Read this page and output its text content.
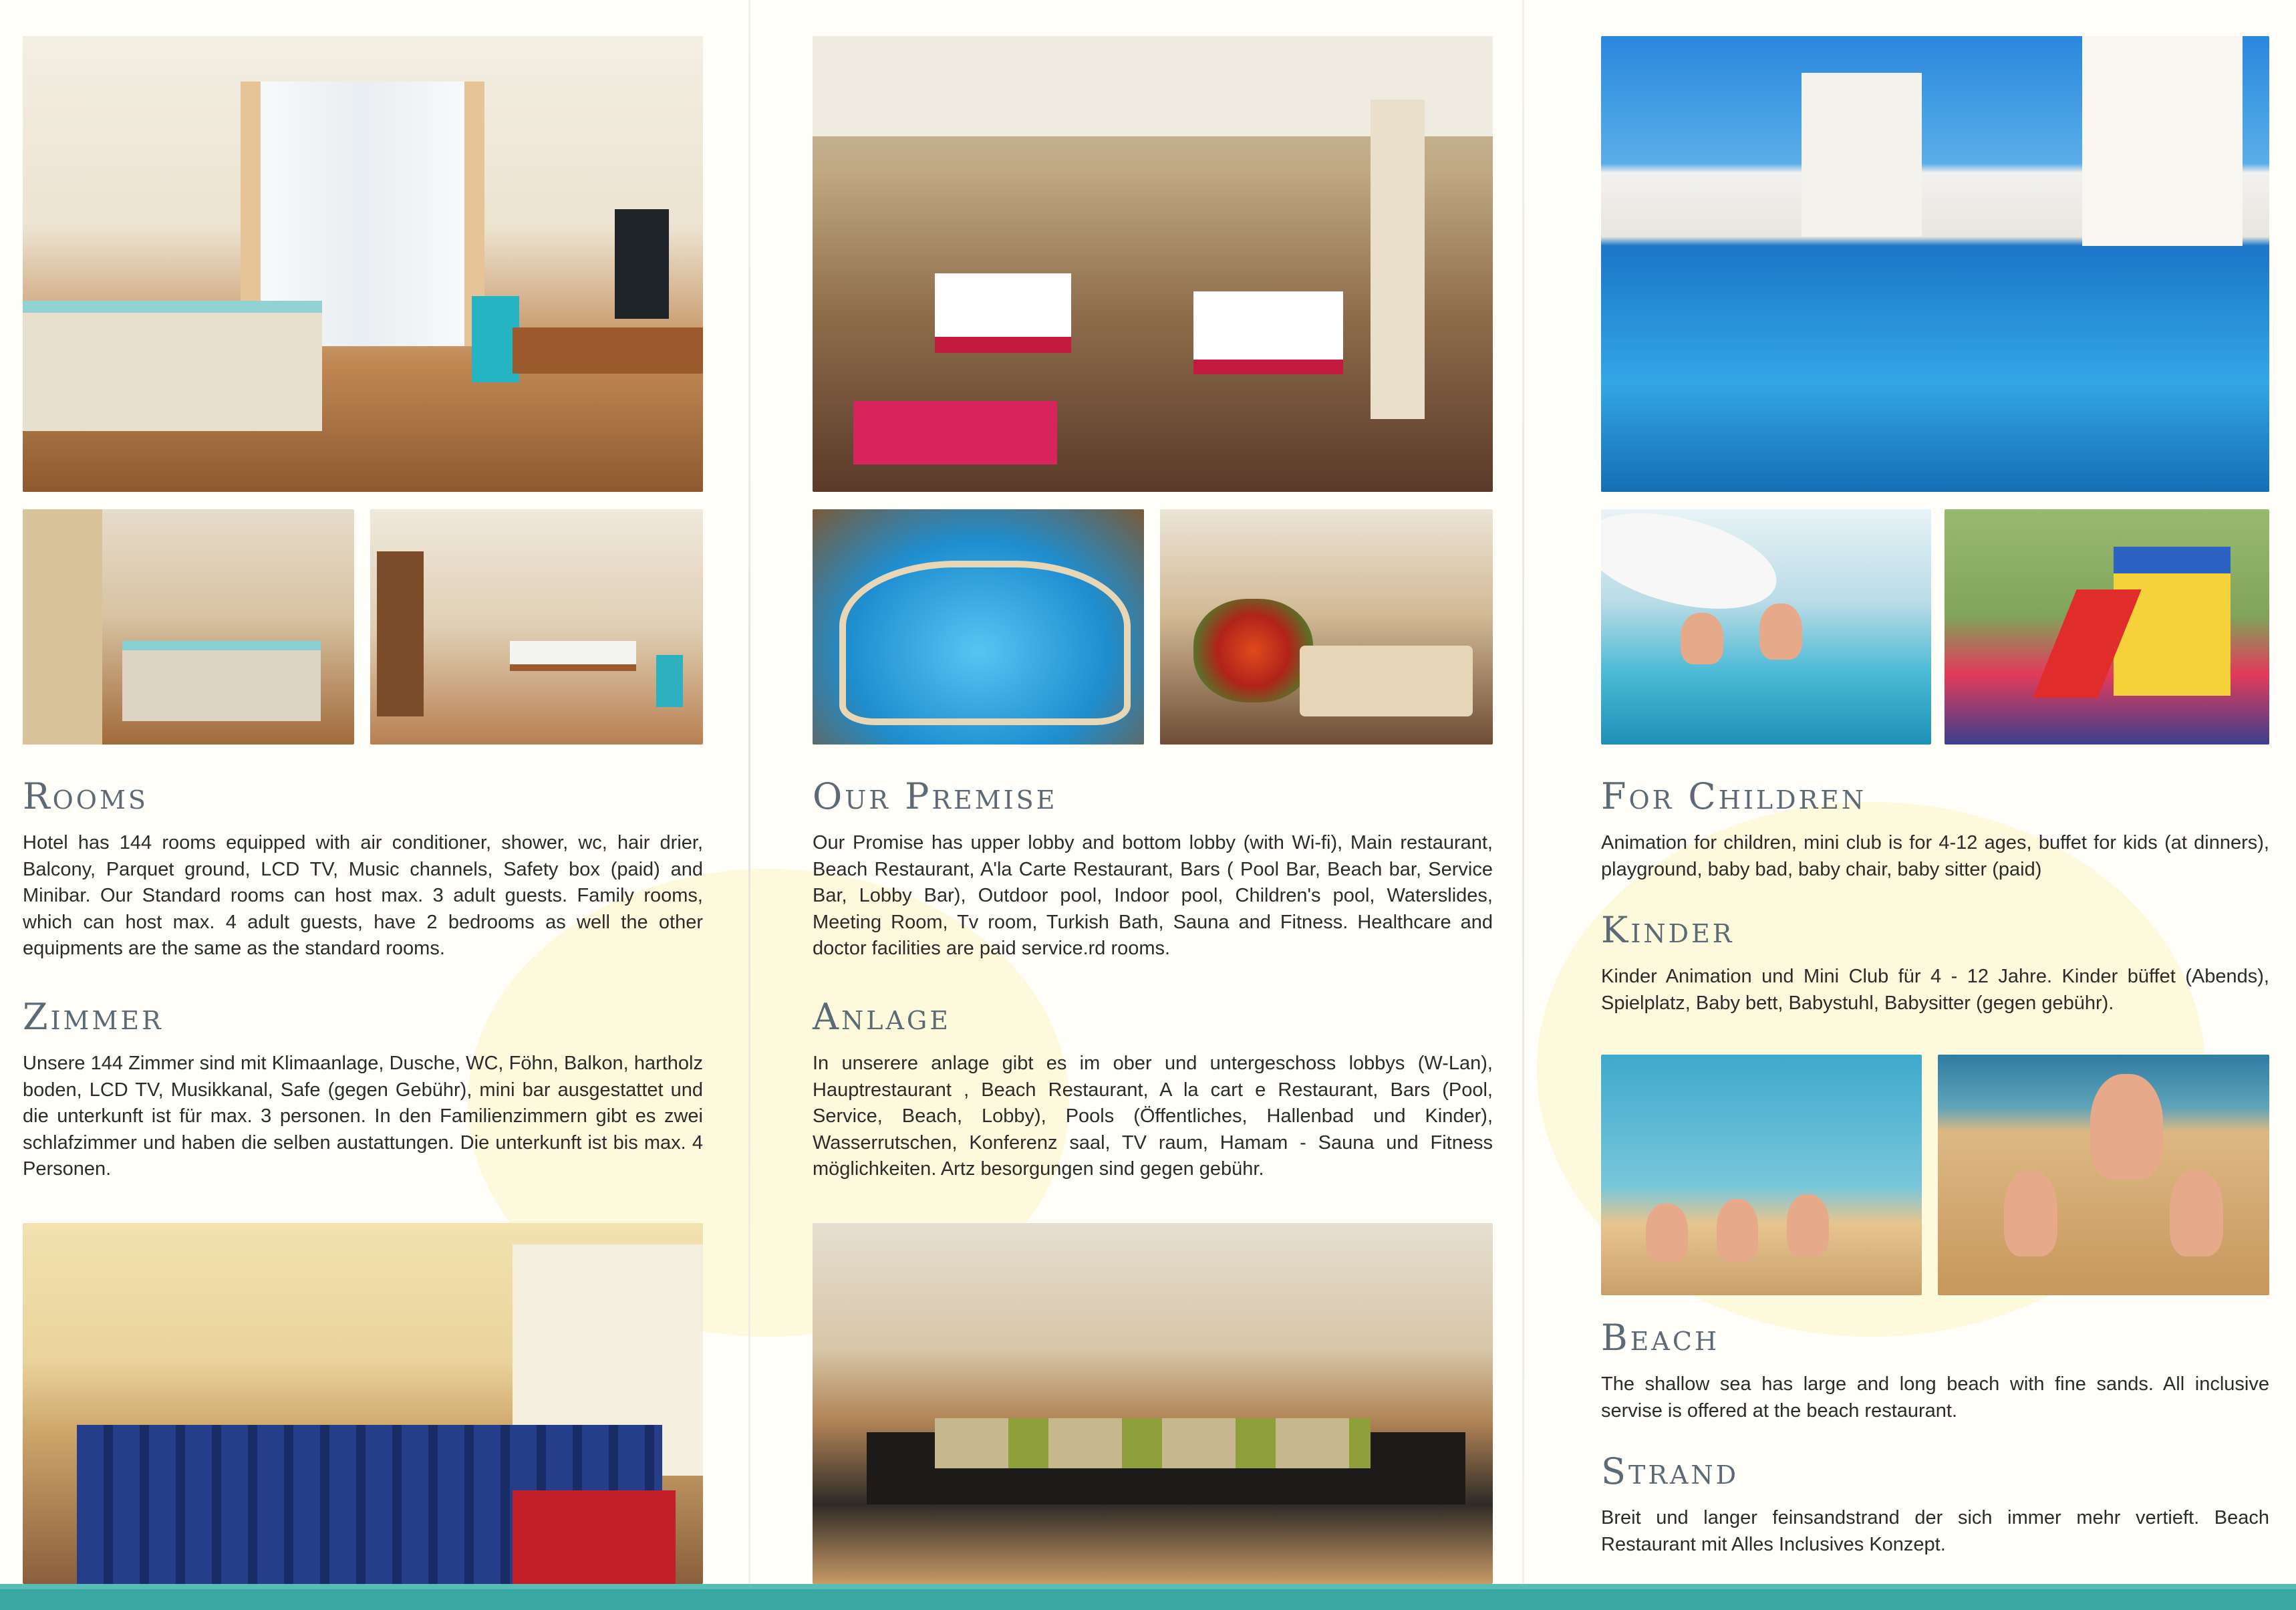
Rooms

Hotel has 144 rooms equipped with air conditioner, shower, wc, hair drier, Balcony, Parquet ground, LCD TV, Music channels, Safety box (paid) and Minibar. Our Standard rooms can host max. 3 adult guests. Family rooms, which can host max. 4 adult guests, have 2 bedrooms as well the other equipments are the same as the standard rooms.

Zimmer

Unsere 144 Zimmer sind mit Klimaanlage, Dusche, WC, Föhn, Balkon, hartholz boden, LCD TV, Musikkanal, Safe (gegen Gebühr), mini bar ausgestattet und die unterkunft ist für max. 3 personen. In den Familienzimmern gibt es zwei schlafzimmer und haben die selben austattungen. Die unterkunft ist bis max. 4 Personen.

Our Premise

Our Promise has upper lobby and bottom lobby (with Wi-fi), Main restaurant, Beach Restaurant, A'la Carte Restaurant, Bars ( Pool Bar, Beach bar, Service Bar, Lobby Bar), Outdoor pool, Indoor pool, Children's pool, Waterslides, Meeting Room, Tv room, Turkish Bath, Sauna and Fitness. Healthcare and doctor facilities are paid service.rd rooms.

Anlage

In unserere anlage gibt es im ober und untergeschoss lobbys (W-Lan), Hauptrestaurant , Beach Restaurant, A la cart e Restaurant, Bars (Pool, Service, Beach, Lobby), Pools (Öffentliches, Hallenbad und Kinder), Wasserrutschen, Konferenz saal, TV raum, Hamam - Sauna und Fitness möglichkeiten. Artz besorgungen sind gegen gebühr.

For Children

Animation for children, mini club is for 4-12 ages, buffet for kids (at dinners), playground, baby bad, baby chair, baby sitter (paid)

Kinder

Kinder Animation und Mini Club für 4 - 12 Jahre. Kinder büffet (Abends), Spielplatz, Baby bett, Babystuhl, Babysitter (gegen gebühr).

Beach

The shallow sea has large and long beach with fine sands. All inclusive servise is offered at the beach restaurant.

Strand

Breit und langer feinsandstrand der sich immer mehr vertieft. Beach Restaurant mit Alles Inclusives Konzept.
